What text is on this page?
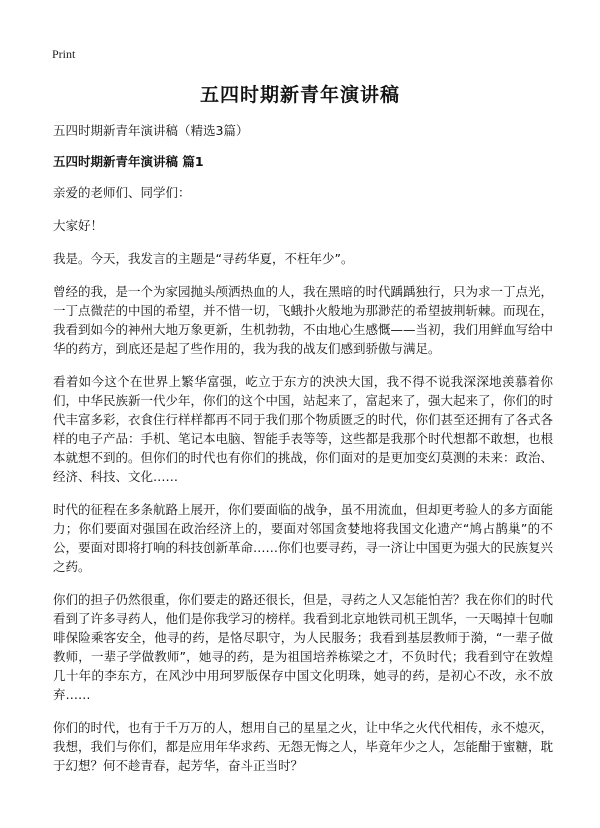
Print
五四时期新青年演讲稿

五四时期新青年演讲稿（精选3篇）

五四时期新青年演讲稿 篇1

亲爱的老师们、同学们：

大家好！

我是。今天，我发言的主题是“寻药华夏，不枉年少”。

曾经的我，是一个为家园抛头颅洒热血的人，我在黑暗的时代踽踽独行，只为求一丁点光，一丁点微茫的中国的希望，并不惜一切，飞蛾扑火般地为那渺茫的希望披荆斩棘。而现在，我看到如今的神州大地万象更新，生机勃勃，不由地心生感慨——当初，我们用鲜血写给中华的药方，到底还是起了些作用的，我为我的战友们感到骄傲与满足。

看着如今这个在世界上繁华富强，屹立于东方的泱泱大国，我不得不说我深深地羡慕着你们，中华民族新一代少年，你们的这个中国，站起来了，富起来了，强大起来了，你们的时代丰富多彩，衣食住行样样都再不同于我们那个物质匮乏的时代，你们甚至还拥有了各式各样的电子产品：手机、笔记本电脑、智能手表等等，这些都是我那个时代想都不敢想，也根本就想不到的。但你们的时代也有你们的挑战，你们面对的是更加变幻莫测的未来：政治、经济、科技、文化……

时代的征程在多条航路上展开，你们要面临的战争，虽不用流血，但却更考验人的多方面能力；你们要面对强国在政治经济上的，要面对邻国贪婪地将我国文化遗产“鸠占鹊巢”的不公，要面对即将打响的科技创新革命……你们也要寻药，寻一济让中国更为强大的民族复兴之药。

你们的担子仍然很重，你们要走的路还很长，但是，寻药之人又怎能怕苦？我在你们的时代看到了许多寻药人，他们是你我学习的榜样。我看到北京地铁司机王凯华，一天喝掉十包咖啡保险乘客安全，他寻的药，是恪尽职守，为人民服务；我看到基层教师于漪，“一辈子做教师，一辈子学做教师”，她寻的药，是为祖国培养栋梁之才，不负时代；我看到守在敦煌几十年的李东方，在风沙中用珂罗版保存中国文化明珠，她寻的药，是初心不改，永不放弃……

你们的时代，也有于千万万的人，想用自己的星星之火，让中华之火代代相传，永不熄灭，我想，我们与你们，都是应用年华求药、无怨无悔之人，毕竟年少之人，怎能酣于蜜糖，耽于幻想？何不趁青春，起芳华，奋斗正当时？
